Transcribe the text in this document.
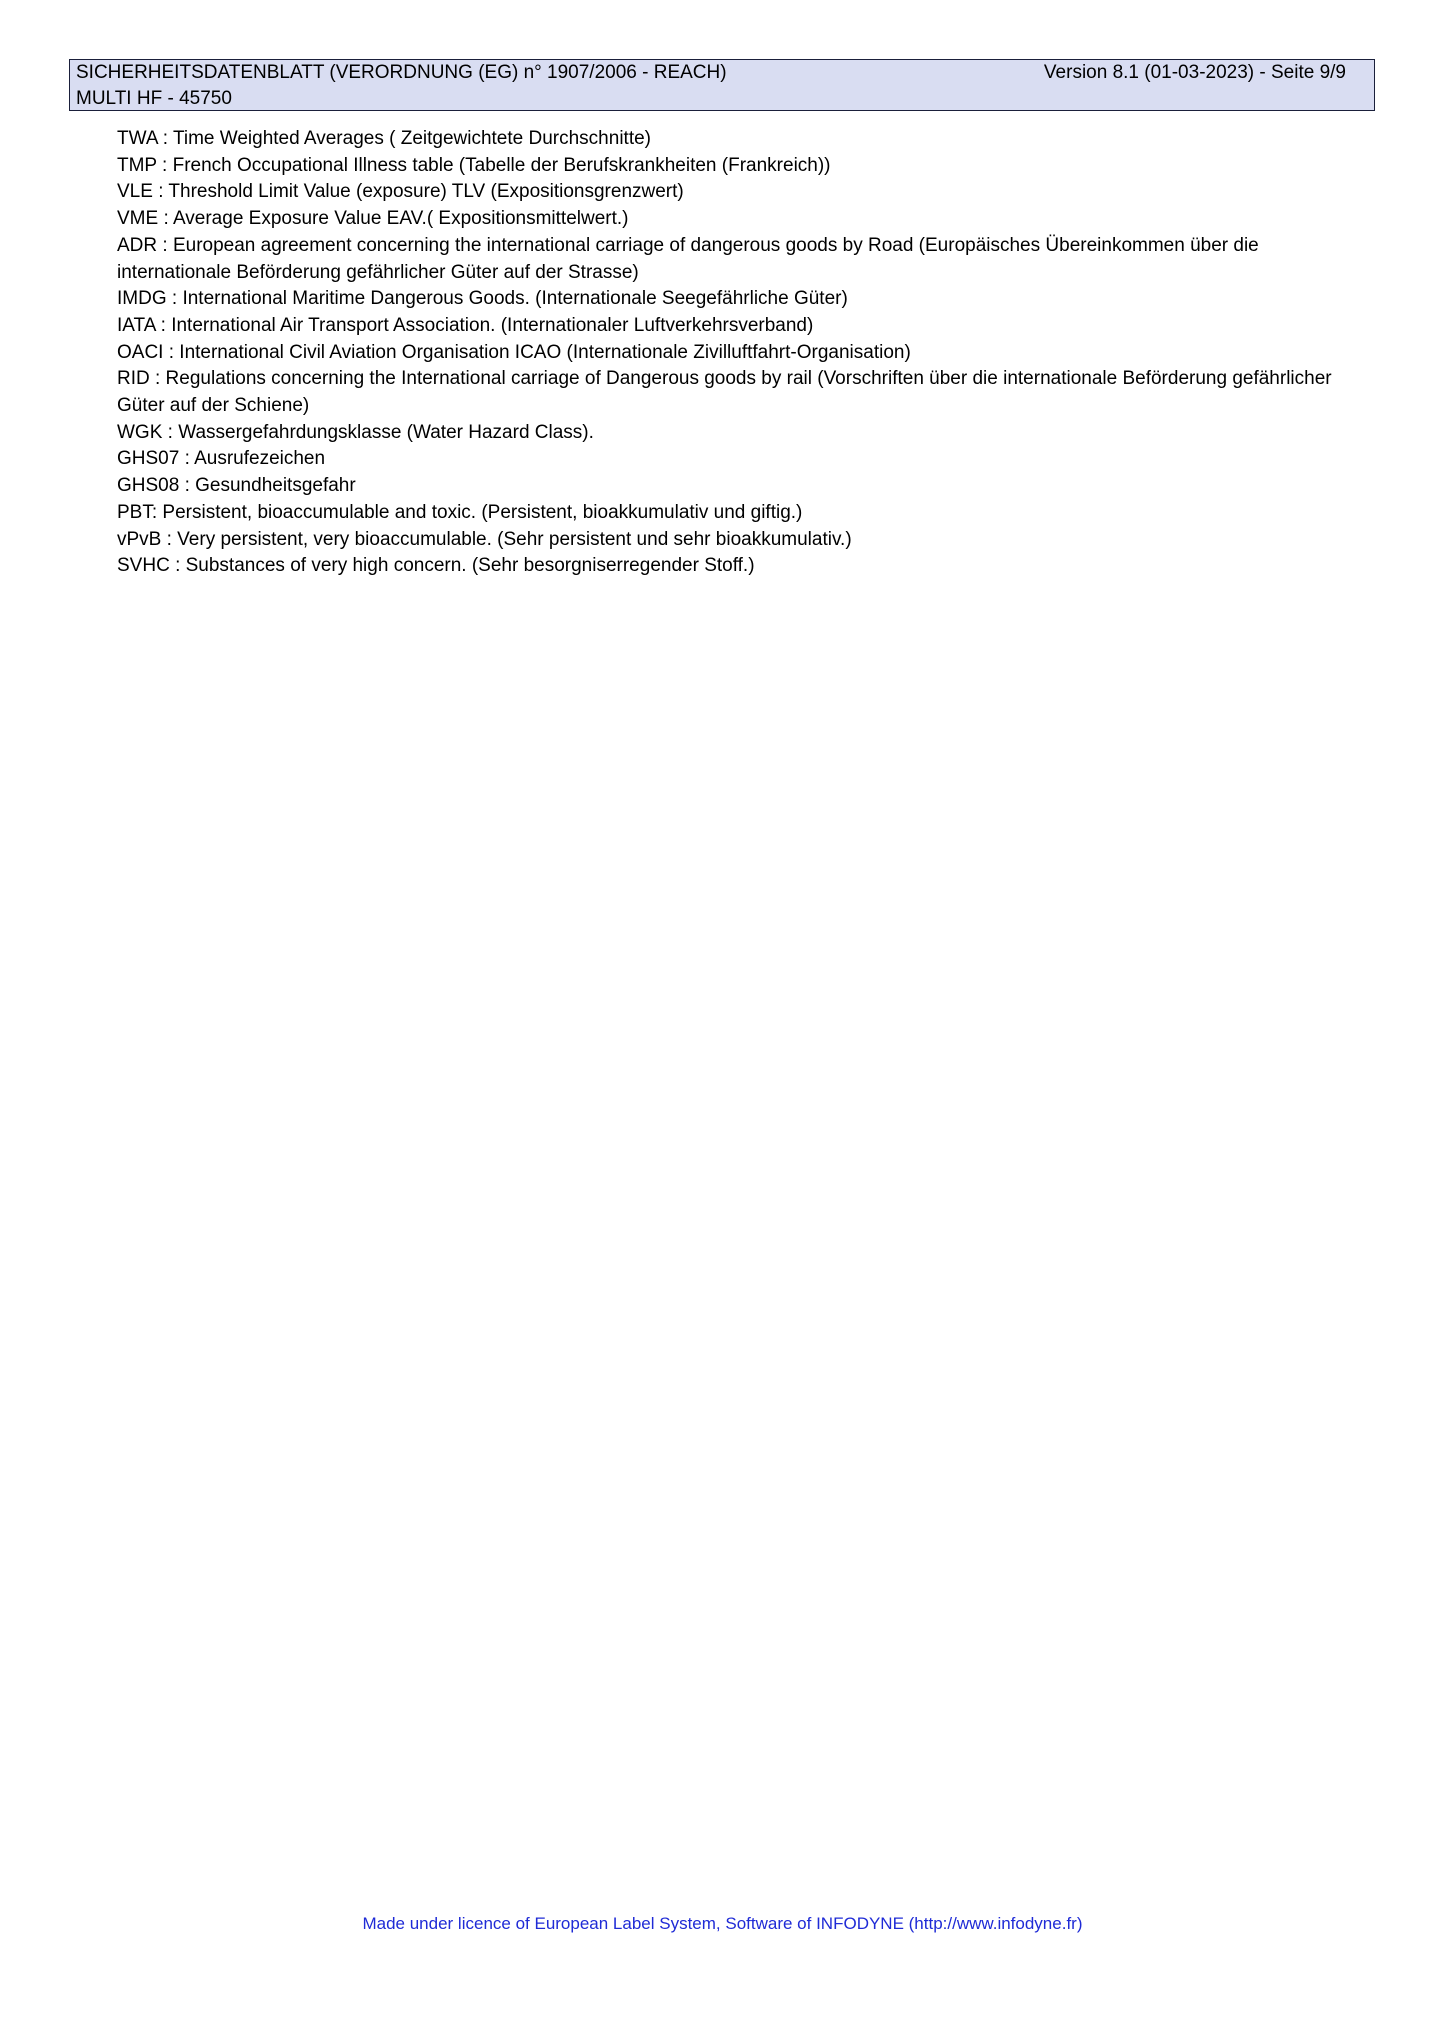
SICHERHEITSDATENBLATT (VERORDNUNG (EG) n° 1907/2006 - REACH)	Version 8.1 (01-03-2023) - Seite 9/9
MULTI HF - 45750
TWA : Time Weighted Averages ( Zeitgewichtete Durchschnitte)
TMP : French Occupational Illness table (Tabelle der Berufskrankheiten (Frankreich))
VLE : Threshold Limit Value (exposure) TLV (Expositionsgrenzwert)
VME : Average Exposure Value EAV.( Expositionsmittelwert.)
ADR : European agreement concerning the international carriage of dangerous goods by Road (Europäisches Übereinkommen über die
internationale Beförderung gefährlicher Güter auf der Strasse)
IMDG : International Maritime Dangerous Goods. (Internationale Seegefährliche Güter)
IATA : International Air Transport Association. (Internationaler Luftverkehrsverband)
OACI : International Civil Aviation Organisation ICAO (Internationale Zivilluftfahrt-Organisation)
RID : Regulations concerning the International carriage of Dangerous goods by rail (Vorschriften über die internationale Beförderung gefährlicher
Güter auf der Schiene)
WGK : Wassergefahrdungsklasse (Water Hazard Class).
GHS07 : Ausrufezeichen
GHS08 : Gesundheitsgefahr
PBT: Persistent, bioaccumulable and toxic. (Persistent, bioakkumulativ und giftig.)
vPvB : Very persistent, very bioaccumulable. (Sehr persistent und sehr bioakkumulativ.)
SVHC : Substances of very high concern. (Sehr besorgniserregender Stoff.)
Made under licence of European Label System, Software of INFODYNE (http://www.infodyne.fr)
